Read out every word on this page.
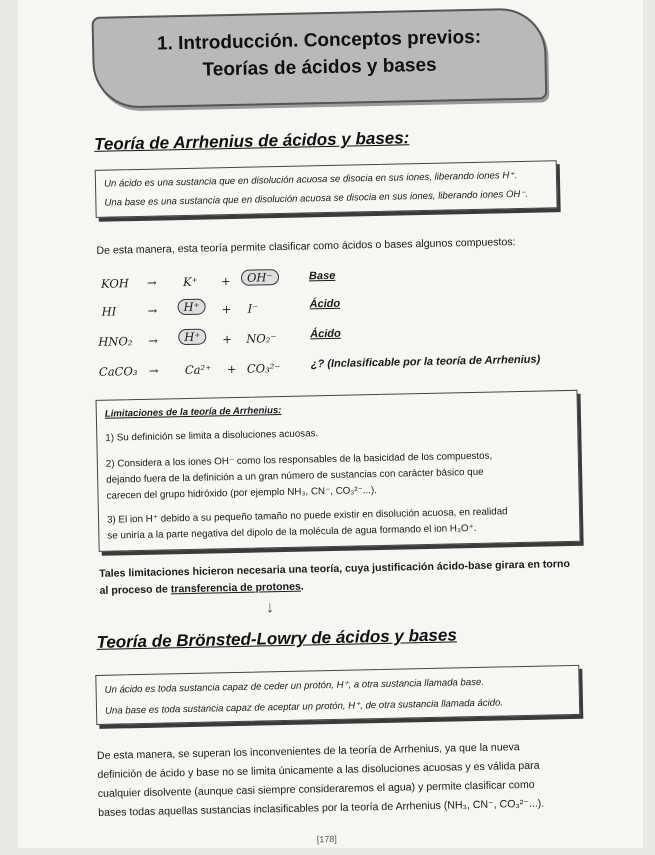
1. Introducción. Conceptos previos:
Teorías de ácidos y bases
Teoría de Arrhenius de ácidos y bases:
Un ácido es una sustancia que en disolución acuosa se disocia en sus iones, liberando iones H⁺.
Una base es una sustancia que en disolución acuosa se disocia en sus iones, liberando iones OH⁻.
De esta manera, esta teoría permite clasificar como ácidos o bases algunos compuestos:
KOH → K⁺ +	OH⁻	Base
HI	→	H⁺	+ I⁻	Ácido
HNO₂ →	H⁺	+ NO₂⁻	Ácido
CaCO₃ → Ca²⁺ + CO₃²⁻	¿? (Inclasificable por la teoría de Arrhenius)
Limitaciones de la teoría de Arrhenius:
1) Su definición se limita a disoluciones acuosas.
2) Considera a los iones OH⁻ como los responsables de la basicidad de los compuestos,
dejando fuera de la definición a un gran número de sustancias con carácter básico que
carecen del grupo hidróxido (por ejemplo NH₃, CN⁻, CO₃²⁻...).
3) El ion H⁺ debido a su pequeño tamaño no puede existir en disolución acuosa, en realidad
se uniría a la parte negativa del dipolo de la molécula de agua formando el ion H₃O⁺.
Tales limitaciones hicieron necesaria una teoría, cuya justificación ácido-base girara en torno
al proceso de transferencia de protones.
↓
Teoría de Brönsted-Lowry de ácidos y bases
Un ácido es toda sustancia capaz de ceder un protón, H⁺, a otra sustancia llamada base.
Una base es toda sustancia capaz de aceptar un protón, H⁺, de otra sustancia llamada ácido.
De esta manera, se superan los inconvenientes de la teoría de Arrhenius, ya que la nueva
definición de ácido y base no se limita únicamente a las disoluciones acuosas y es válida para
cualquier disolvente (aunque casi siempre consideraremos el agua) y permite clasificar como
bases todas aquellas sustancias inclasificables por la teoría de Arrhenius (NH₃, CN⁻, CO₃²⁻...).
[178]
